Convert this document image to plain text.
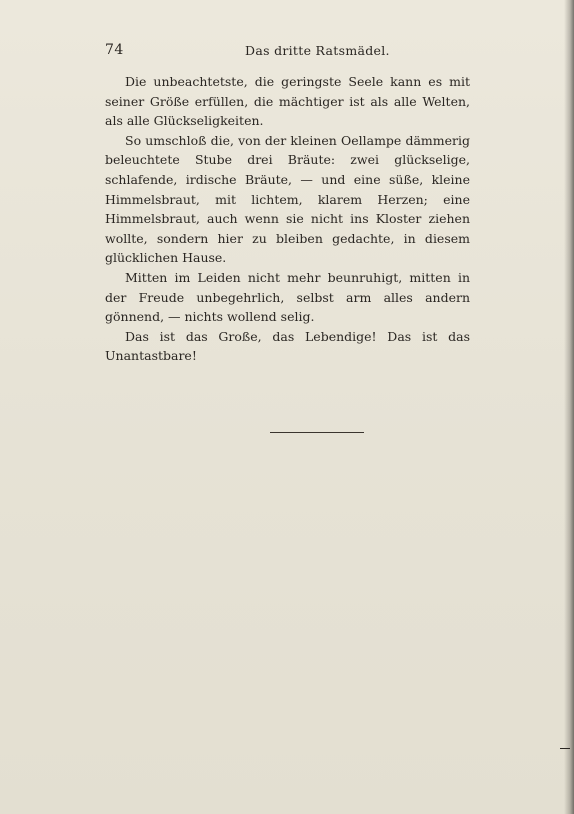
74	Das dritte Ratsmädel.

Die unbeachtetste, die geringste Seele kann es mit seiner Größe erfüllen, die mächtiger ist als alle Welten, als alle Glückseligkeiten.

So umschloß die, von der kleinen Oellampe dämmerig beleuchtete Stube drei Bräute: zwei glückselige, schlafende, irdische Bräute, — und eine süße, kleine Himmelsbraut, mit lichtem, klarem Herzen; eine Himmelsbraut, auch wenn sie nicht ins Kloster ziehen wollte, sondern hier zu bleiben gedachte, in diesem glücklichen Hause.

Mitten im Leiden nicht mehr beunruhigt, mitten in der Freude unbegehrlich, selbst arm alles andern gönnend, — nichts wollend selig.

Das ist das Große, das Lebendige! Das ist das Unantastbare!
